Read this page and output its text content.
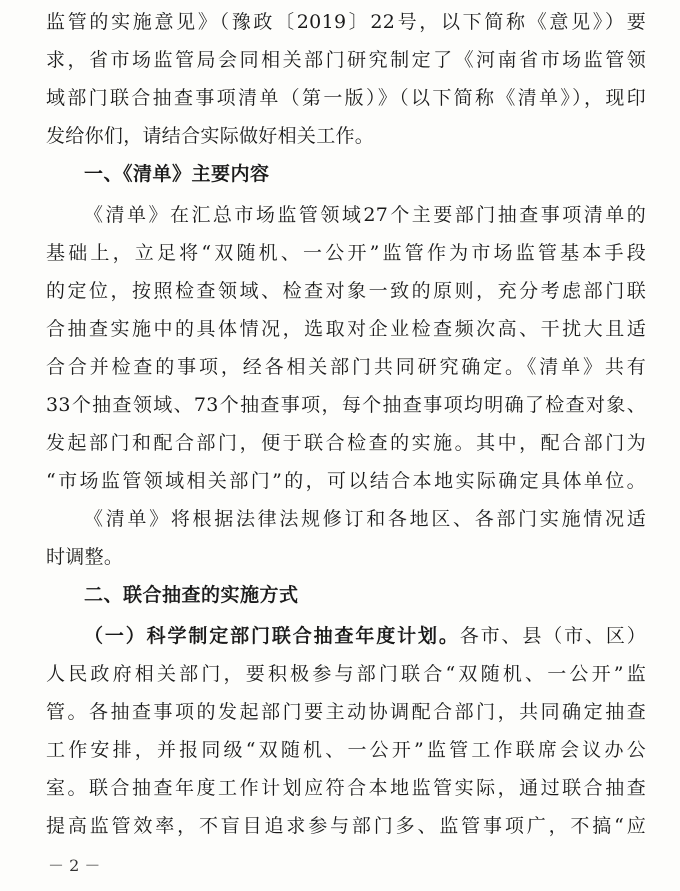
监管的实施意见》（豫政〔2019〕22号，以下简称《意见》）要
求，省市场监管局会同相关部门研究制定了《河南省市场监管领
域部门联合抽查事项清单（第一版）》（以下简称《清单》），现印
发给你们，请结合实际做好相关工作。
一、《清单》主要内容
《清单》在汇总市场监管领域27个主要部门抽查事项清单的
基础上，立足将“双随机、一公开”监管作为市场监管基本手段
的定位，按照检查领域、检查对象一致的原则，充分考虑部门联
合抽查实施中的具体情况，选取对企业检查频次高、干扰大且适
合合并检查的事项，经各相关部门共同研究确定。《清单》共有
33个抽查领域、73个抽查事项，每个抽查事项均明确了检查对象、
发起部门和配合部门，便于联合检查的实施。其中，配合部门为
“市场监管领域相关部门”的，可以结合本地实际确定具体单位。
《清单》将根据法律法规修订和各地区、各部门实施情况适
时调整。
二、联合抽查的实施方式
（一）科学制定部门联合抽查年度计划。各市、县（市、区）
人民政府相关部门，要积极参与部门联合“双随机、一公开”监
管。各抽查事项的发起部门要主动协调配合部门，共同确定抽查
工作安排，并报同级“双随机、一公开”监管工作联席会议办公
室。联合抽查年度工作计划应符合本地监管实际，通过联合抽查
提高监管效率，不盲目追求参与部门多、监管事项广，不搞“应
－ 2 －
